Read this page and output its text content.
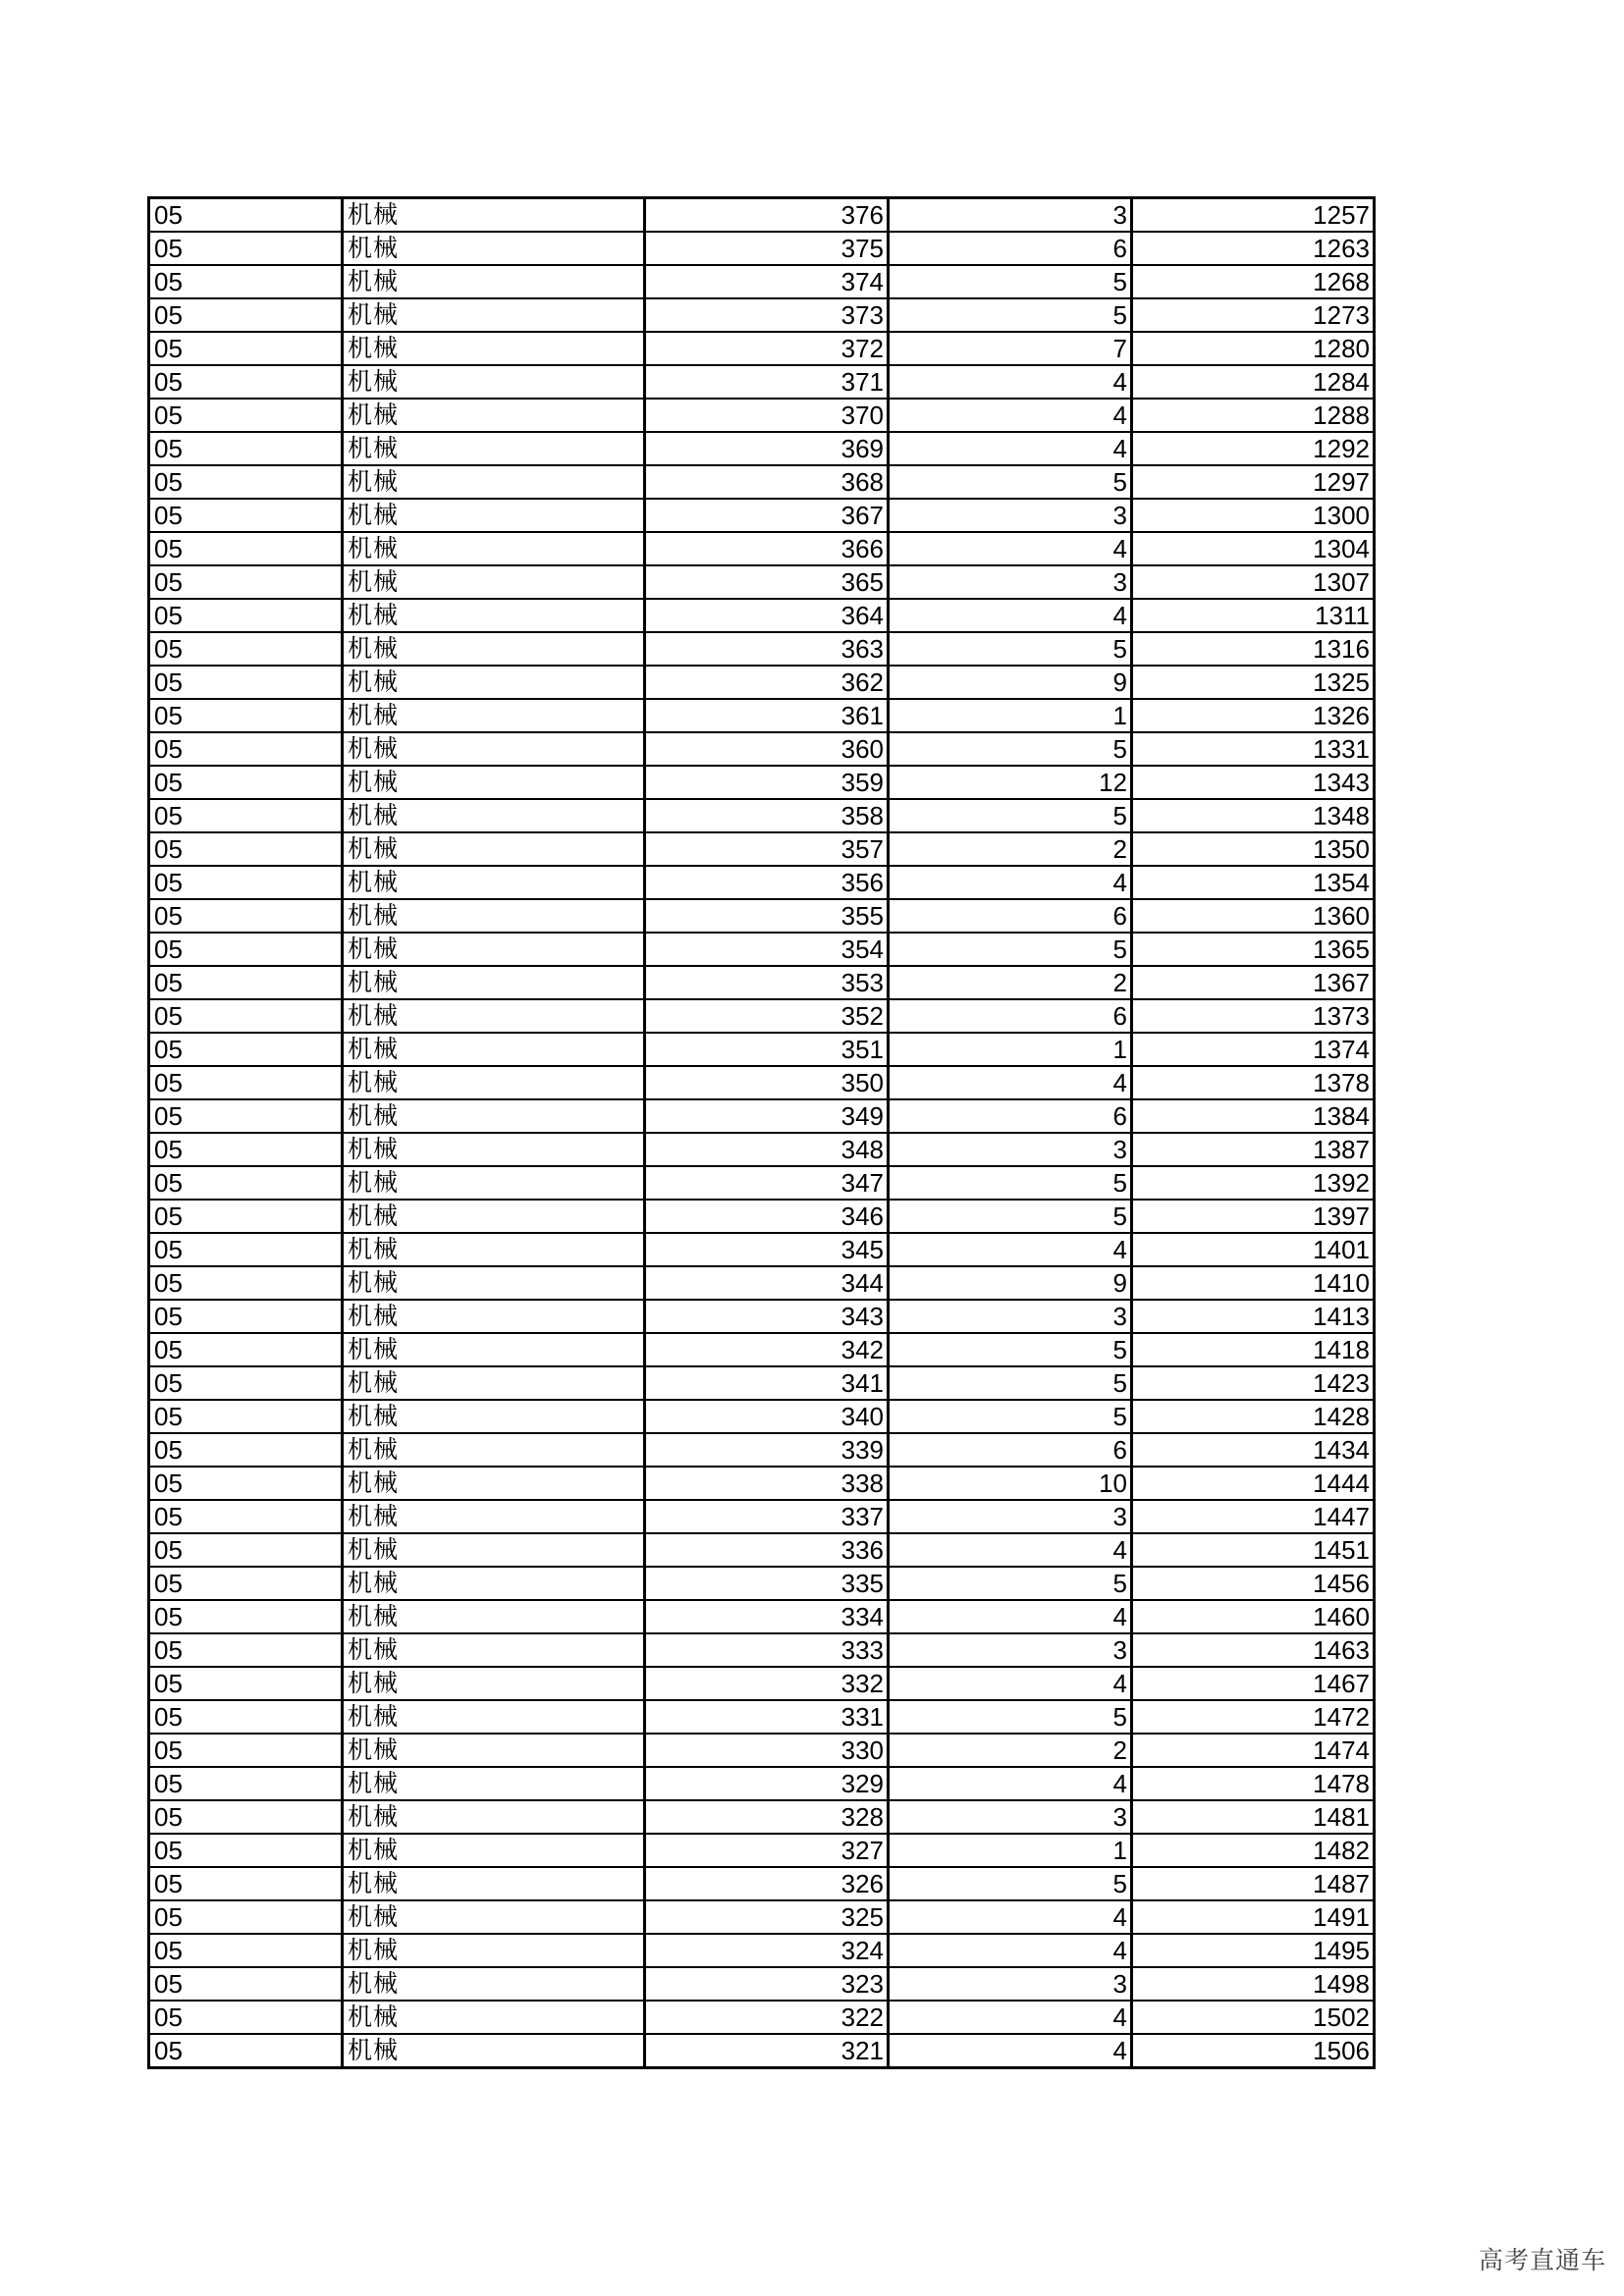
05	机械	376	3	1257
05	机械	375	6	1263
05	机械	374	5	1268
05	机械	373	5	1273
05	机械	372	7	1280
05	机械	371	4	1284
05	机械	370	4	1288
05	机械	369	4	1292
05	机械	368	5	1297
05	机械	367	3	1300
05	机械	366	4	1304
05	机械	365	3	1307
05	机械	364	4	1311
05	机械	363	5	1316
05	机械	362	9	1325
05	机械	361	1	1326
05	机械	360	5	1331
05	机械	359	12	1343
05	机械	358	5	1348
05	机械	357	2	1350
05	机械	356	4	1354
05	机械	355	6	1360
05	机械	354	5	1365
05	机械	353	2	1367
05	机械	352	6	1373
05	机械	351	1	1374
05	机械	350	4	1378
05	机械	349	6	1384
05	机械	348	3	1387
05	机械	347	5	1392
05	机械	346	5	1397
05	机械	345	4	1401
05	机械	344	9	1410
05	机械	343	3	1413
05	机械	342	5	1418
05	机械	341	5	1423
05	机械	340	5	1428
05	机械	339	6	1434
05	机械	338	10	1444
05	机械	337	3	1447
05	机械	336	4	1451
05	机械	335	5	1456
05	机械	334	4	1460
05	机械	333	3	1463
05	机械	332	4	1467
05	机械	331	5	1472
05	机械	330	2	1474
05	机械	329	4	1478
05	机械	328	3	1481
05	机械	327	1	1482
05	机械	326	5	1487
05	机械	325	4	1491
05	机械	324	4	1495
05	机械	323	3	1498
05	机械	322	4	1502
05	机械	321	4	1506
高考直通车
